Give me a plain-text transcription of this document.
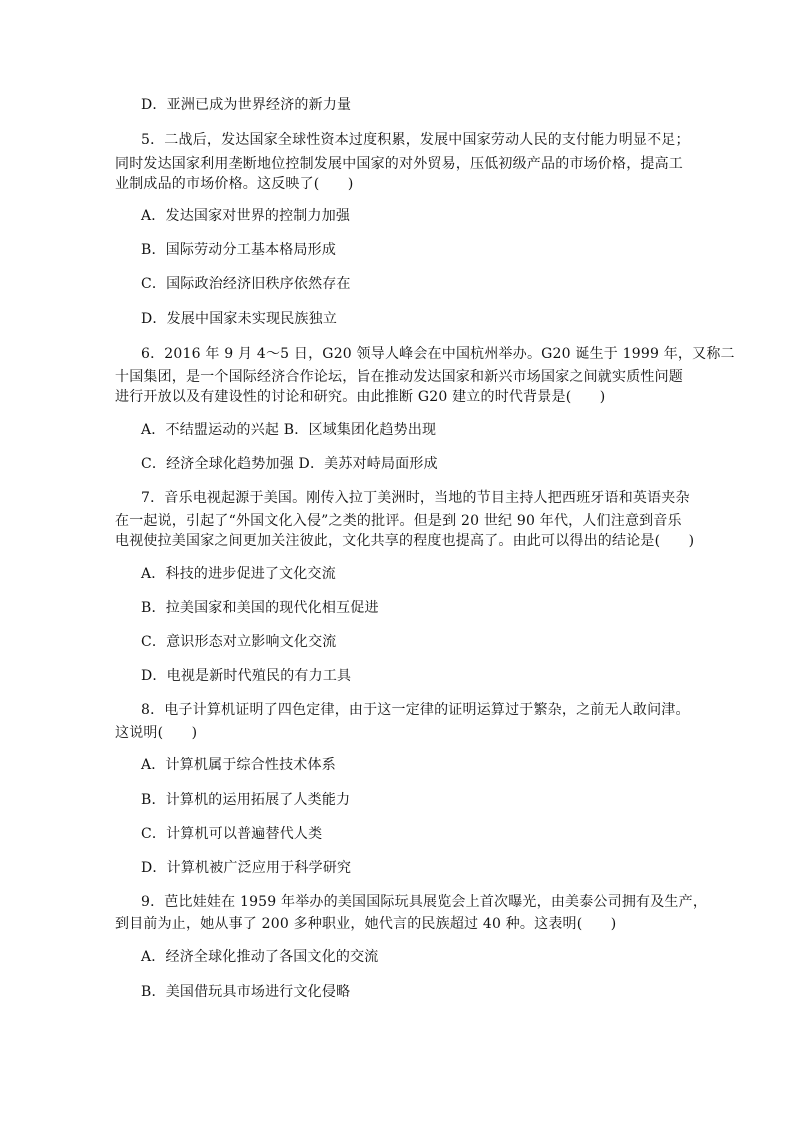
D．亚洲已成为世界经济的新力量
5．二战后，发达国家全球性资本过度积累，发展中国家劳动人民的支付能力明显不足；
同时发达国家利用垄断地位控制发展中国家的对外贸易，压低初级产品的市场价格，提高工
业制成品的市场价格。这反映了(　　)
A．发达国家对世界的控制力加强
B．国际劳动分工基本格局形成
C．国际政治经济旧秩序依然存在
D．发展中国家未实现民族独立
6．2016 年 9 月 4～5 日，G20 领导人峰会在中国杭州举办。G20 诞生于 1999 年，又称二
十国集团，是一个国际经济合作论坛，旨在推动发达国家和新兴市场国家之间就实质性问题
进行开放以及有建设性的讨论和研究。由此推断 G20 建立的时代背景是(　　)
A．不结盟运动的兴起 B．区域集团化趋势出现
C．经济全球化趋势加强 D．美苏对峙局面形成
7．音乐电视起源于美国。刚传入拉丁美洲时，当地的节目主持人把西班牙语和英语夹杂
在一起说，引起了“外国文化入侵”之类的批评。但是到 20 世纪 90 年代，人们注意到音乐
电视使拉美国家之间更加关注彼此，文化共享的程度也提高了。由此可以得出的结论是(　　)
A．科技的进步促进了文化交流
B．拉美国家和美国的现代化相互促进
C．意识形态对立影响文化交流
D．电视是新时代殖民的有力工具
8．电子计算机证明了四色定律，由于这一定律的证明运算过于繁杂，之前无人敢问津。
这说明(　　)
A．计算机属于综合性技术体系
B．计算机的运用拓展了人类能力
C．计算机可以普遍替代人类
D．计算机被广泛应用于科学研究
9．芭比娃娃在 1959 年举办的美国国际玩具展览会上首次曝光，由美泰公司拥有及生产，
到目前为止，她从事了 200 多种职业，她代言的民族超过 40 种。这表明(　　)
A．经济全球化推动了各国文化的交流
B．美国借玩具市场进行文化侵略
